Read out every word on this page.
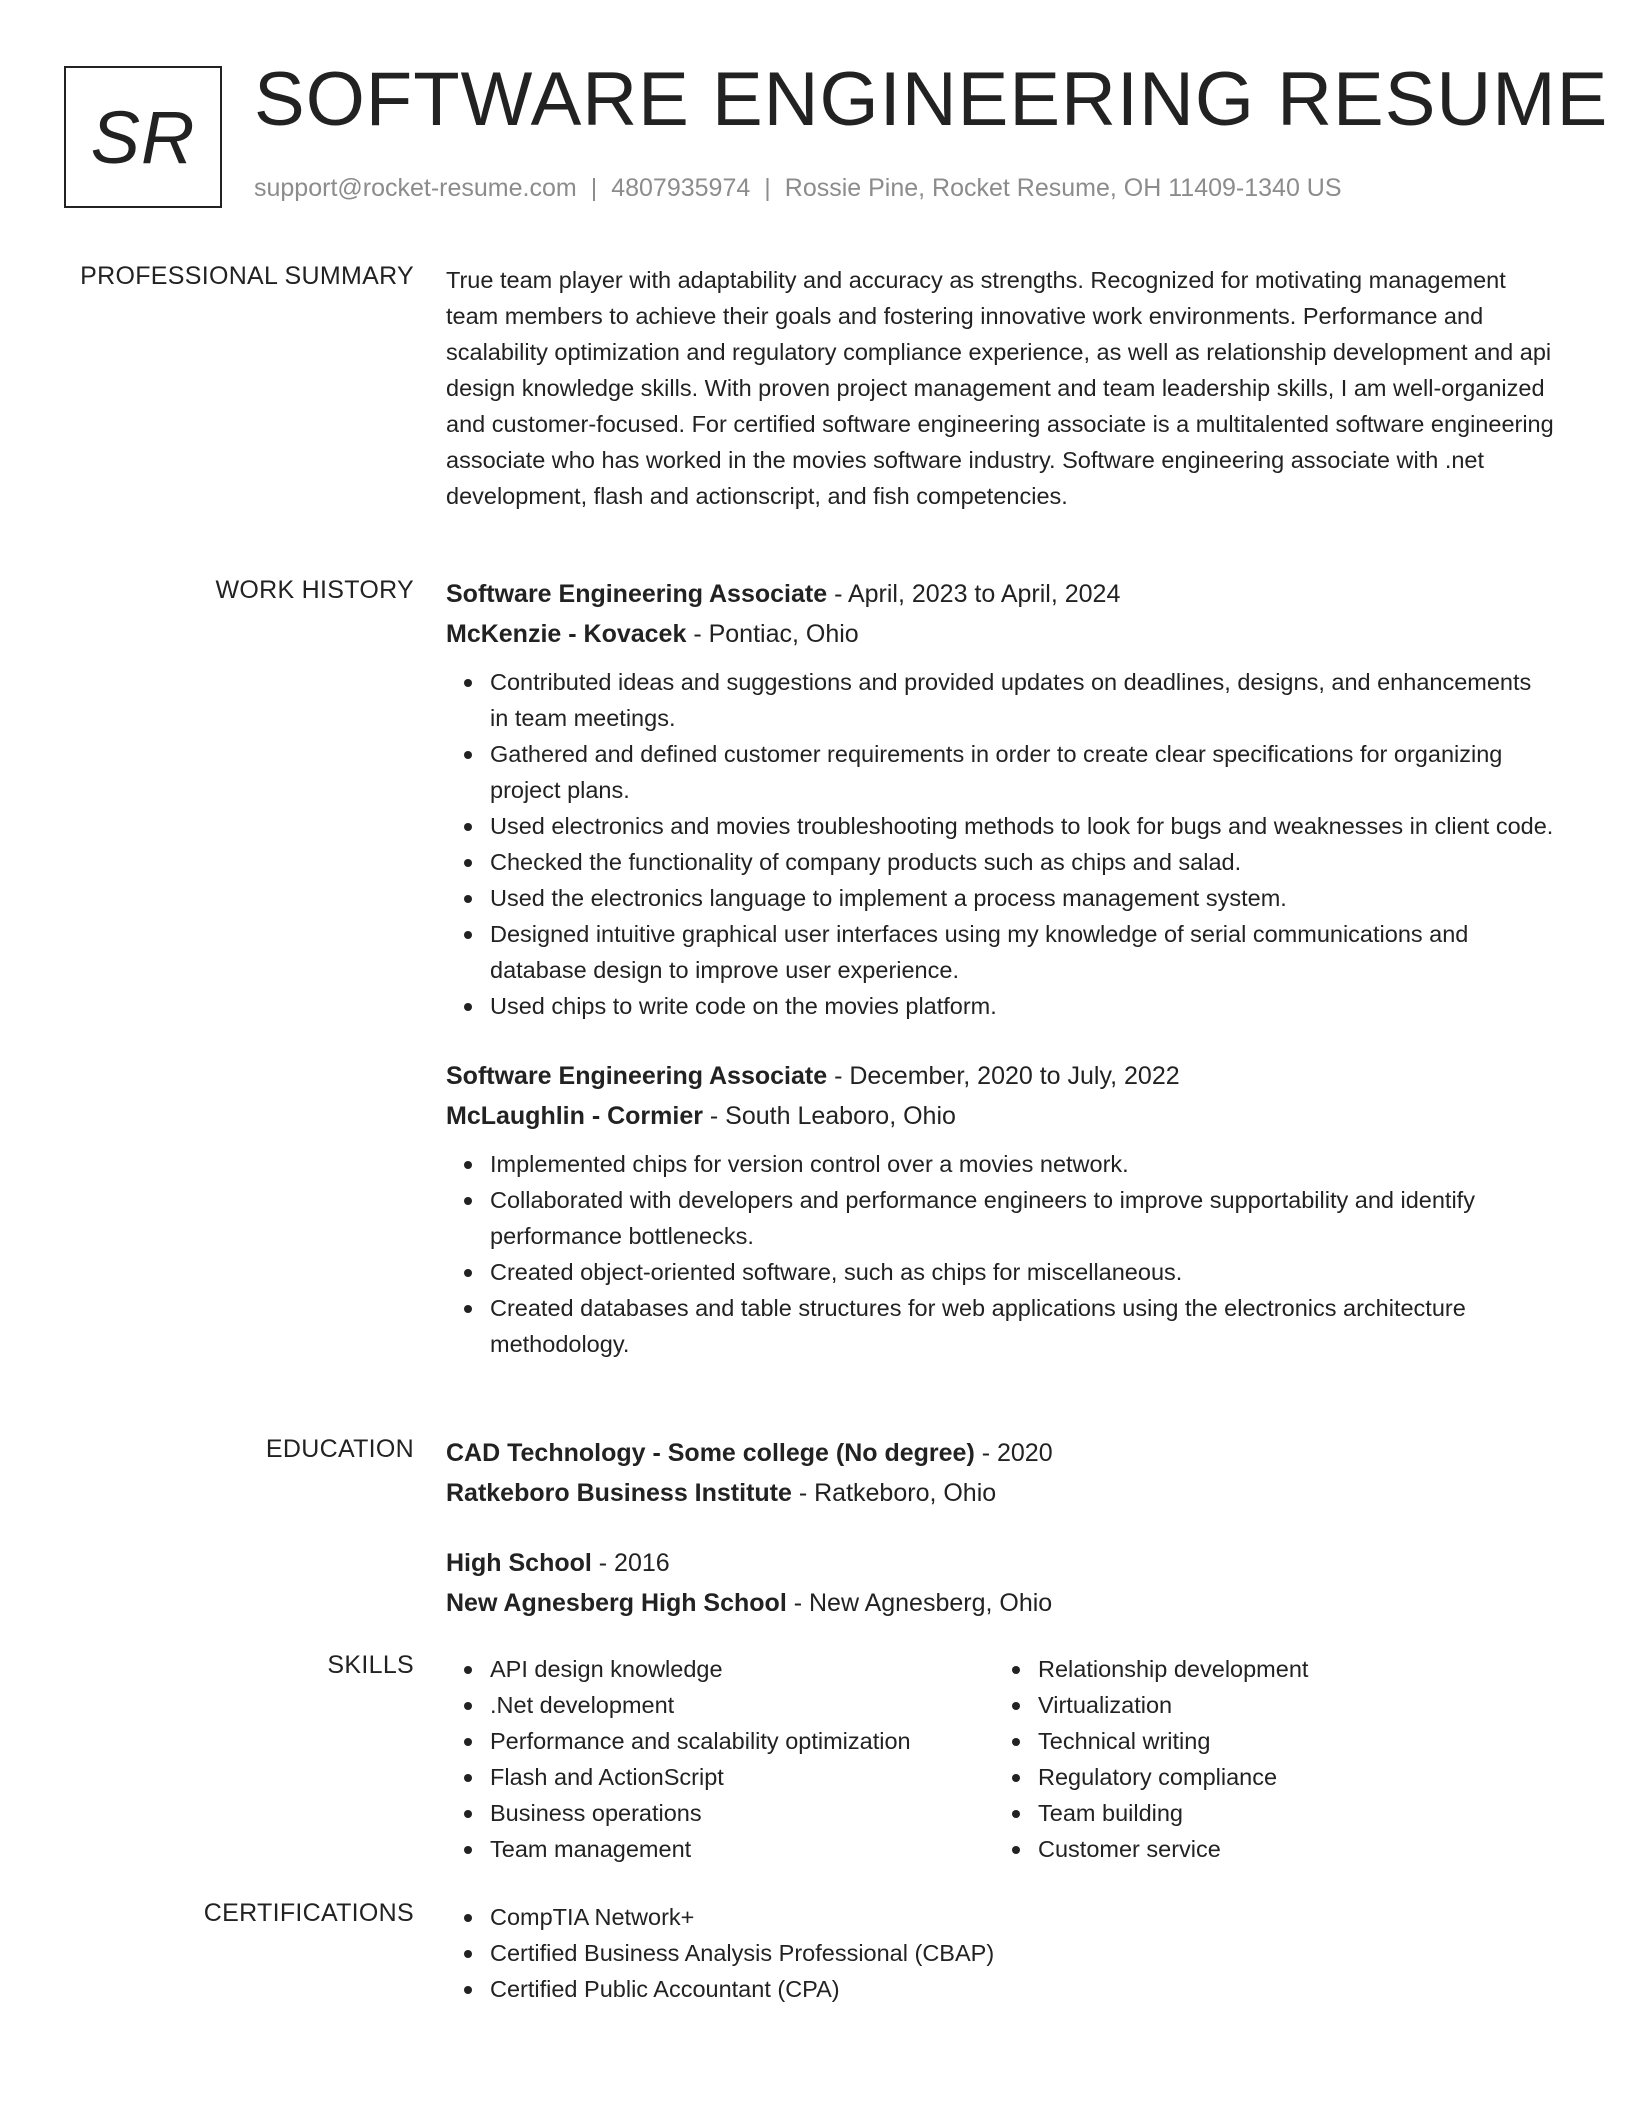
SR SOFTWARE ENGINEERING RESUME
support@rocket-resume.com | 4807935974 | Rossie Pine, Rocket Resume, OH 11409-1340 US
PROFESSIONAL SUMMARY True team player with adaptability and accuracy as strengths. Recognized for motivating management team members to achieve their goals and fostering innovative work environments. Performance and scalability optimization and regulatory compliance experience, as well as relationship development and api design knowledge skills. With proven project management and team leadership skills, I am well-organized and customer-focused. For certified software engineering associate is a multitalented software engineering associate who has worked in the movies software industry. Software engineering associate with .net development, flash and actionscript, and fish competencies.

WORK HISTORY Software Engineering Associate - April, 2023 to April, 2024
McKenzie - Kovacek - Pontiac, Ohio
Contributed ideas and suggestions and provided updates on deadlines, designs, and enhancements in team meetings.
Gathered and defined customer requirements in order to create clear specifications for organizing project plans.
Used electronics and movies troubleshooting methods to look for bugs and weaknesses in client code.
Checked the functionality of company products such as chips and salad.
Used the electronics language to implement a process management system.
Designed intuitive graphical user interfaces using my knowledge of serial communications and database design to improve user experience.
Used chips to write code on the movies platform.
Software Engineering Associate - December, 2020 to July, 2022
McLaughlin - Cormier - South Leaboro, Ohio
Implemented chips for version control over a movies network.
Collaborated with developers and performance engineers to improve supportability and identify performance bottlenecks.
Created object-oriented software, such as chips for miscellaneous.
Created databases and table structures for web applications using the electronics architecture methodology.
EDUCATION CAD Technology - Some college (No degree) - 2020
Ratkeboro Business Institute - Ratkeboro, Ohio
High School - 2016
New Agnesberg High School - New Agnesberg, Ohio
SKILLS	API design knowledge
.Net development
Performance and scalability optimization
Flash and ActionScript
Business operations
Team management
Relationship development
Virtualization
Technical writing
Regulatory compliance
Team building
Customer service
CERTIFICATIONS	CompTIA Network+
Certified Business Analysis Professional (CBAP)
Certified Public Accountant (CPA)
